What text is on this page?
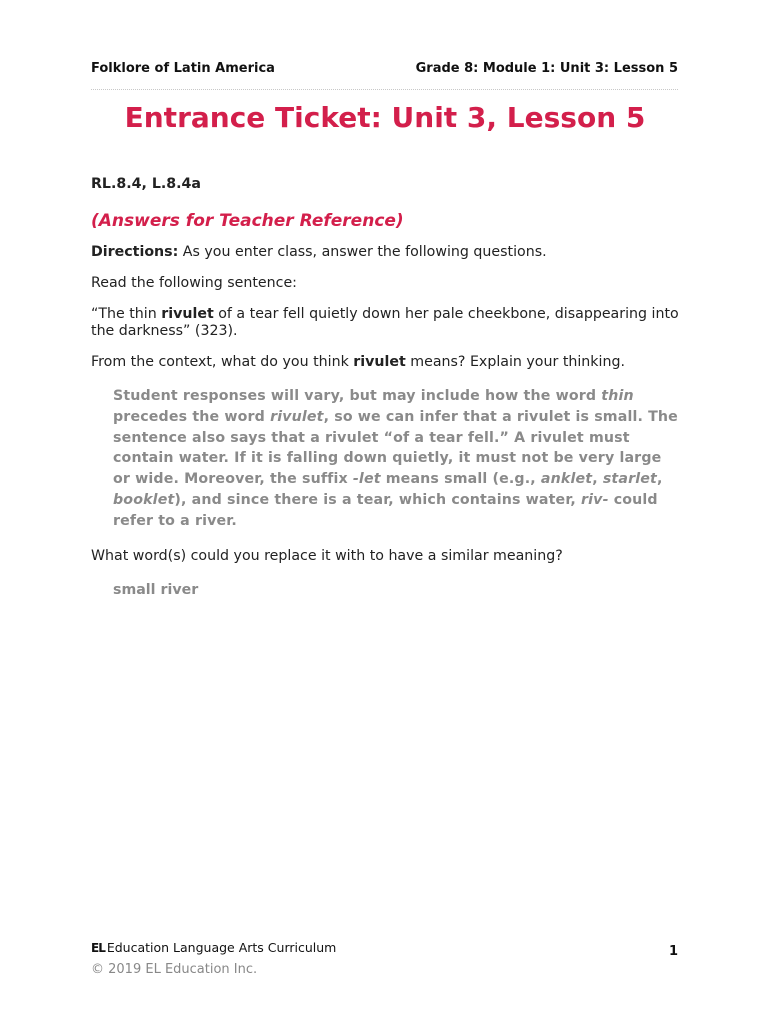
Folklore of Latin America	Grade 8: Module 1: Unit 3: Lesson 5
Entrance Ticket: Unit 3, Lesson 5

RL.8.4, L.8.4a

(Answers for Teacher Reference)

Directions: As you enter class, answer the following questions.

Read the following sentence:

“The thin rivulet of a tear fell quietly down her pale cheekbone, disappearing into the darkness” (323).

From the context, what do you think rivulet means? Explain your thinking.

Student responses will vary, but may include how the word thin precedes the word rivulet, so we can infer that a rivulet is small. The sentence also says that a rivulet “of a tear fell.” A rivulet must contain water. If it is falling down quietly, it must not be very large or wide. Moreover, the suffix -let means small (e.g., anklet, starlet, booklet), and since there is a tear, which contains water, riv- could refer to a river.

What word(s) could you replace it with to have a similar meaning?

small river

EL Education Language Arts Curriculum	1
© 2019 EL Education Inc.
